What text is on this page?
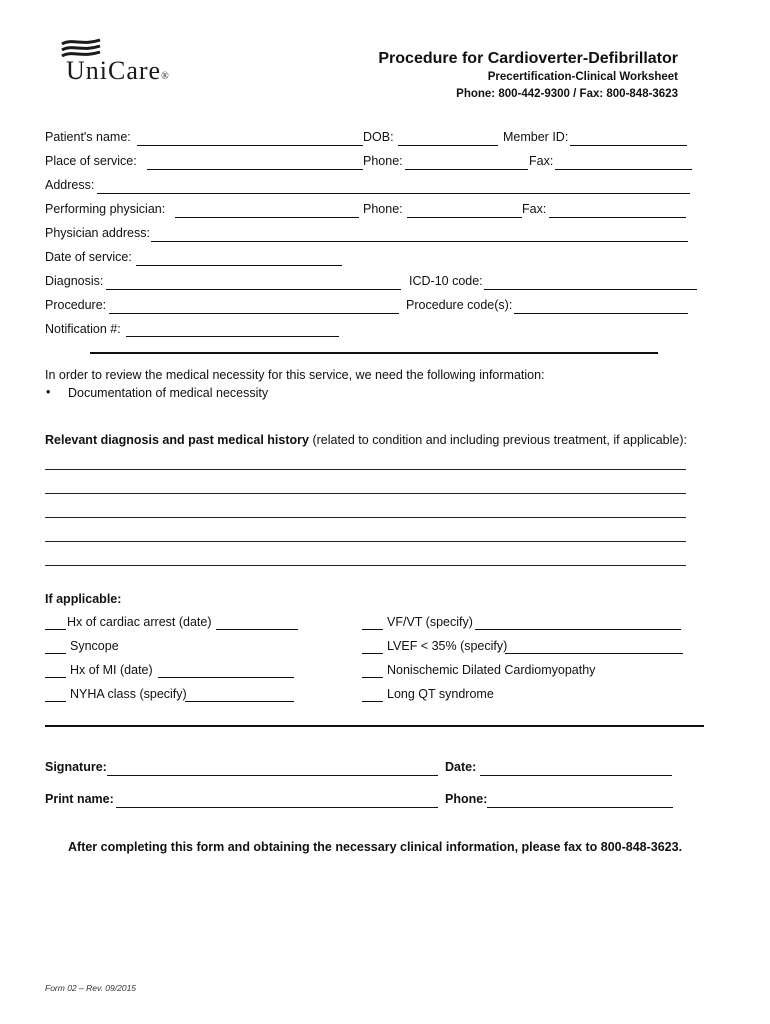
UniCare®
Procedure for Cardioverter-Defibrillator
Precertification-Clinical Worksheet
Phone: 800-442-9300 / Fax: 800-848-3623
Patient's name:	DOB:	Member ID:
Place of service:	Phone:	Fax:
Address:
Performing physician:	Phone:	Fax:
Physician address:
Date of service:
Diagnosis:	ICD-10 code:
Procedure:	Procedure code(s):
Notification #:
In order to review the medical necessity for this service, we need the following information:
• Documentation of medical necessity
Relevant diagnosis and past medical history (related to condition and including previous treatment, if applicable):
If applicable:
Hx of cardiac arrest (date)
Syncope
Hx of MI (date)
NYHA class (specify)
VF/VT (specify)
LVEF < 35% (specify)
Nonischemic Dilated Cardiomyopathy
Long QT syndrome
Signature:	Date:
Print name:	Phone:
After completing this form and obtaining the necessary clinical information, please fax to 800-848-3623.
Form 02 – Rev. 09/2015
